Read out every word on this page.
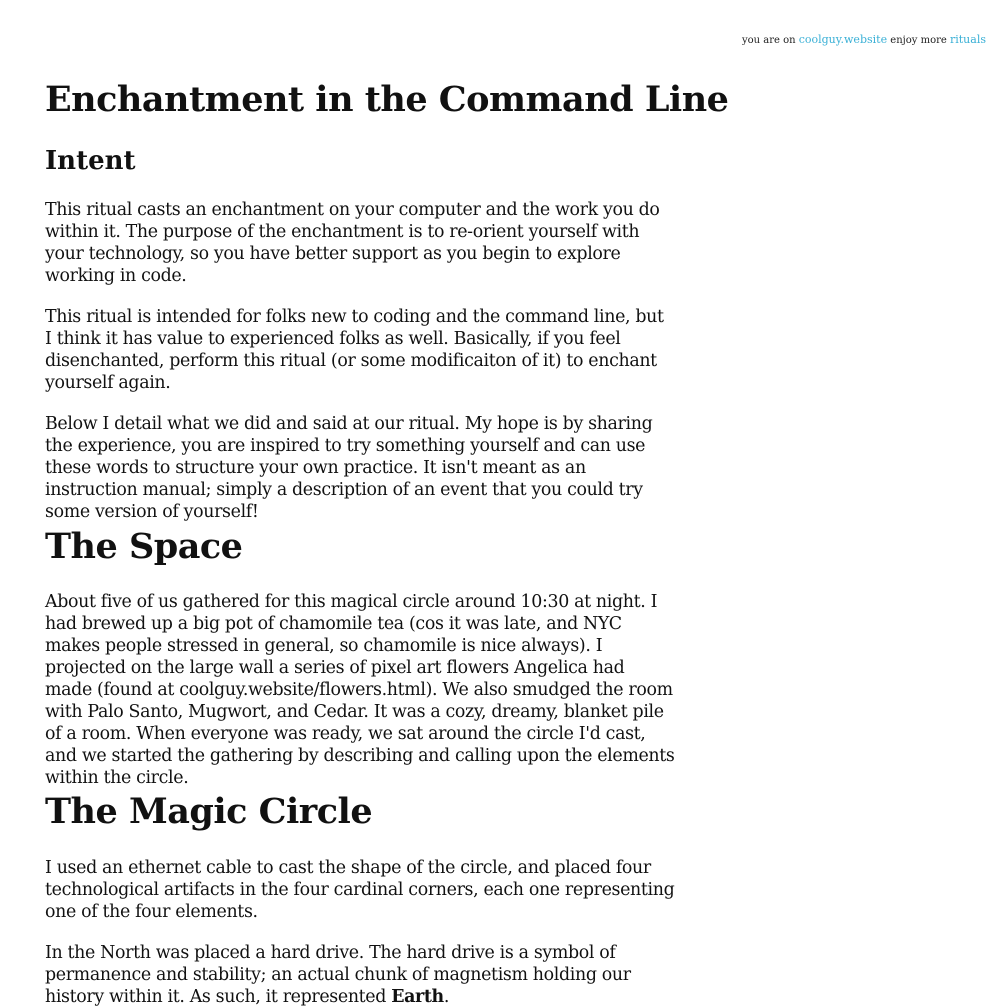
you are on coolguy.website enjoy more rituals
Enchantment in the Command Line
Intent

This ritual casts an enchantment on your computer and the work you do within it. The purpose of the enchantment is to re-orient yourself with your technology, so you have better support as you begin to explore working in code.

This ritual is intended for folks new to coding and the command line, but I think it has value to experienced folks as well. Basically, if you feel disenchanted, perform this ritual (or some modificaiton of it) to enchant yourself again.

Below I detail what we did and said at our ritual. My hope is by sharing the experience, you are inspired to try something yourself and can use these words to structure your own practice. It isn't meant as an instruction manual; simply a description of an event that you could try some version of yourself!

The Space

About five of us gathered for this magical circle around 10:30 at night. I had brewed up a big pot of chamomile tea (cos it was late, and NYC makes people stressed in general, so chamomile is nice always). I projected on the large wall a series of pixel art flowers Angelica had made (found at coolguy.website/flowers.html). We also smudged the room with Palo Santo, Mugwort, and Cedar. It was a cozy, dreamy, blanket pile of a room. When everyone was ready, we sat around the circle I'd cast, and we started the gathering by describing and calling upon the elements within the circle.

The Magic Circle

I used an ethernet cable to cast the shape of the circle, and placed four technological artifacts in the four cardinal corners, each one representing one of the four elements.

In the North was placed a hard drive. The hard drive is a symbol of permanence and stability; an actual chunk of magnetism holding our history within it. As such, it represented Earth.
